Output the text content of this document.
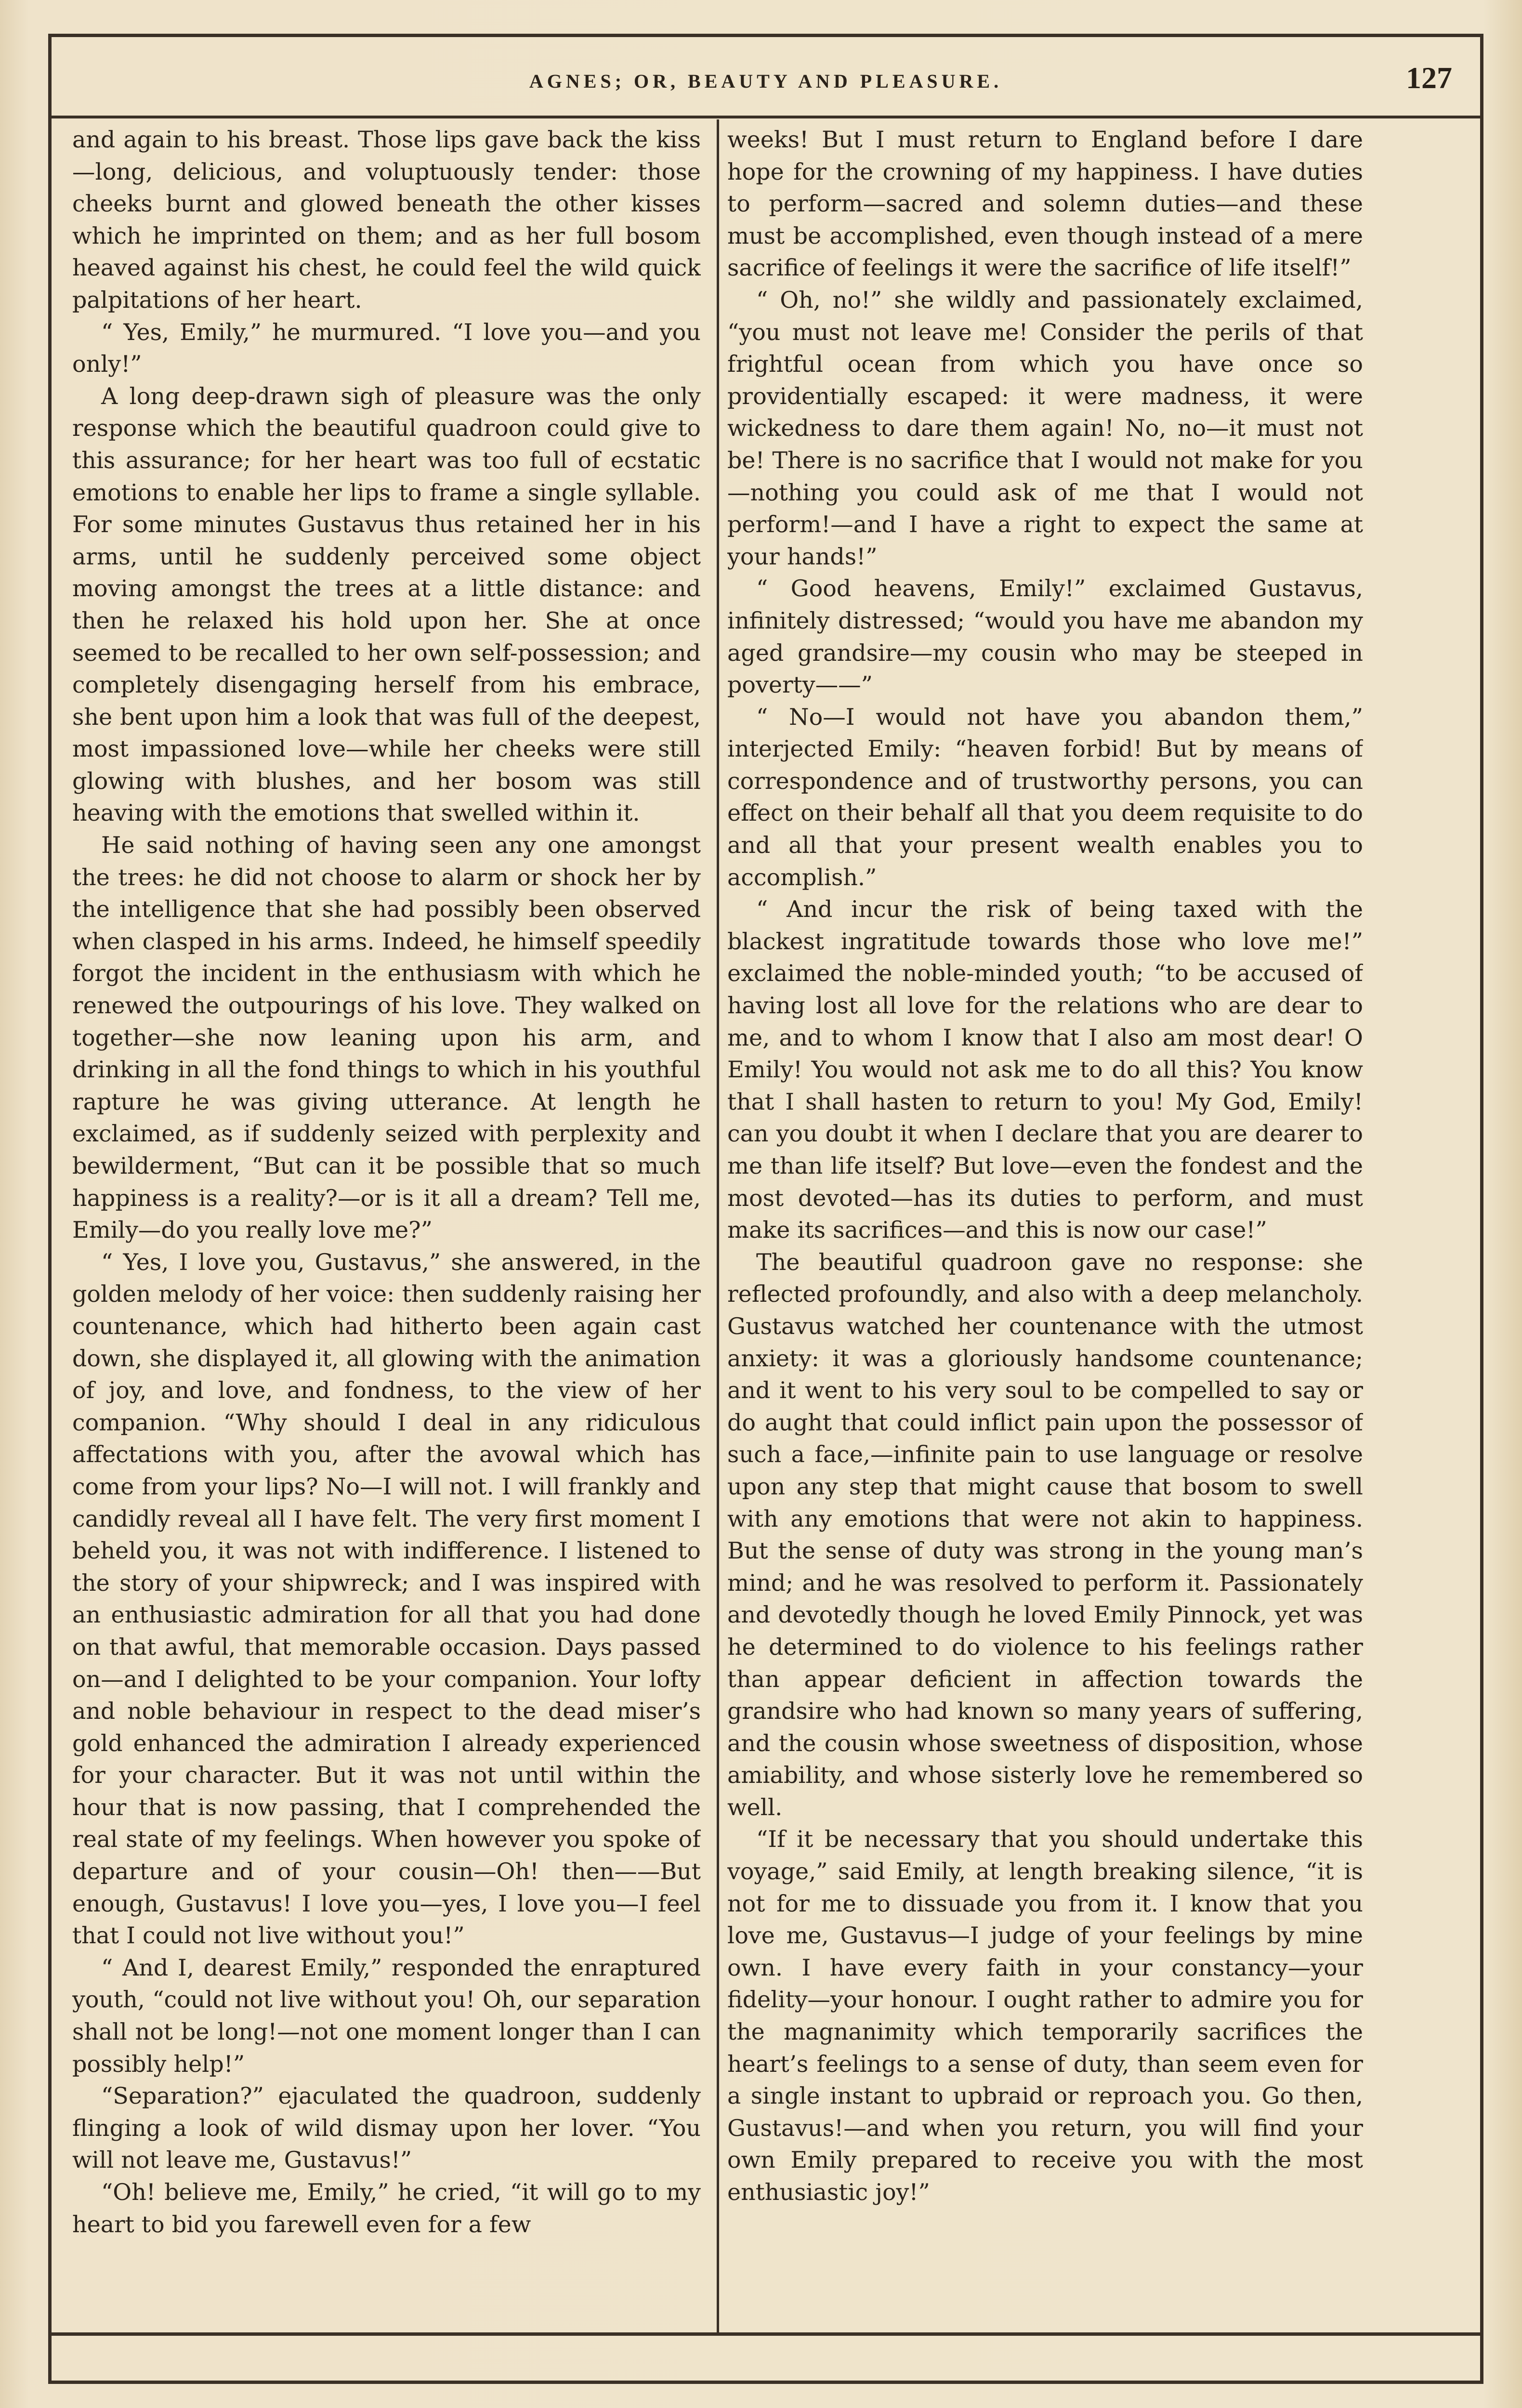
AGNES; OR, BEAUTY AND PLEASURE.	127

and again to his breast. Those lips gave back the kiss—long, delicious, and voluptuously tender: those cheeks burnt and glowed beneath the other kisses which he imprinted on them; and as her full bosom heaved against his chest, he could feel the wild quick palpitations of her heart.

“ Yes, Emily,” he murmured. “I love you—and you only!”

A long deep-drawn sigh of pleasure was the only response which the beautiful quadroon could give to this assurance; for her heart was too full of ecstatic emotions to enable her lips to frame a single syllable. For some minutes Gustavus thus retained her in his arms, until he suddenly perceived some object moving amongst the trees at a little distance: and then he relaxed his hold upon her. She at once seemed to be recalled to her own self-possession; and completely disengaging herself from his embrace, she bent upon him a look that was full of the deepest, most impassioned love—while her cheeks were still glowing with blushes, and her bosom was still heaving with the emotions that swelled within it.

He said nothing of having seen any one amongst the trees: he did not choose to alarm or shock her by the intelligence that she had possibly been observed when clasped in his arms. Indeed, he himself speedily forgot the incident in the enthusiasm with which he renewed the outpourings of his love. They walked on together—she now leaning upon his arm, and drinking in all the fond things to which in his youthful rapture he was giving utterance. At length he exclaimed, as if suddenly seized with perplexity and bewilderment, “But can it be possible that so much happiness is a reality?—or is it all a dream? Tell me, Emily—do you really love me?”

“ Yes, I love you, Gustavus,” she answered, in the golden melody of her voice: then suddenly raising her countenance, which had hitherto been again cast down, she displayed it, all glowing with the animation of joy, and love, and fondness, to the view of her companion. “Why should I deal in any ridiculous affectations with you, after the avowal which has come from your lips? No—I will not. I will frankly and candidly reveal all I have felt. The very first moment I beheld you, it was not with indifference. I listened to the story of your shipwreck; and I was inspired with an enthusiastic admiration for all that you had done on that awful, that memorable occasion. Days passed on—and I delighted to be your companion. Your lofty and noble behaviour in respect to the dead miser’s gold enhanced the admiration I already experienced for your character. But it was not until within the hour that is now passing, that I comprehended the real state of my feelings. When however you spoke of departure and of your cousin—Oh! then——But enough, Gustavus! I love you—yes, I love you—I feel that I could not live without you!”

“ And I, dearest Emily,” responded the enraptured youth, “could not live without you! Oh, our separation shall not be long!—not one moment longer than I can possibly help!”

“Separation?” ejaculated the quadroon, suddenly flinging a look of wild dismay upon her lover. “You will not leave me, Gustavus!”

“Oh! believe me, Emily,” he cried, “it will go to my heart to bid you farewell even for a few

weeks! But I must return to England before I dare hope for the crowning of my happiness. I have duties to perform—sacred and solemn duties—and these must be accomplished, even though instead of a mere sacrifice of feelings it were the sacrifice of life itself!”

“ Oh, no!” she wildly and passionately exclaimed, “you must not leave me! Consider the perils of that frightful ocean from which you have once so providentially escaped: it were madness, it were wickedness to dare them again! No, no—it must not be! There is no sacrifice that I would not make for you—nothing you could ask of me that I would not perform!—and I have a right to expect the same at your hands!”

“ Good heavens, Emily!” exclaimed Gustavus, infinitely distressed; “would you have me abandon my aged grandsire—my cousin who may be steeped in poverty——”

“ No—I would not have you abandon them,” interjected Emily: “heaven forbid! But by means of correspondence and of trustworthy persons, you can effect on their behalf all that you deem requisite to do and all that your present wealth enables you to accomplish.”

“ And incur the risk of being taxed with the blackest ingratitude towards those who love me!” exclaimed the noble-minded youth; “to be accused of having lost all love for the relations who are dear to me, and to whom I know that I also am most dear! O Emily! You would not ask me to do all this? You know that I shall hasten to return to you! My God, Emily! can you doubt it when I declare that you are dearer to me than life itself? But love—even the fondest and the most devoted—has its duties to perform, and must make its sacrifices—and this is now our case!”

The beautiful quadroon gave no response: she reflected profoundly, and also with a deep melancholy. Gustavus watched her countenance with the utmost anxiety: it was a gloriously handsome countenance; and it went to his very soul to be compelled to say or do aught that could inflict pain upon the possessor of such a face,—infinite pain to use language or resolve upon any step that might cause that bosom to swell with any emotions that were not akin to happiness. But the sense of duty was strong in the young man’s mind; and he was resolved to perform it. Passionately and devotedly though he loved Emily Pinnock, yet was he determined to do violence to his feelings rather than appear deficient in affection towards the grandsire who had known so many years of suffering, and the cousin whose sweetness of disposition, whose amiability, and whose sisterly love he remembered so well.

“If it be necessary that you should undertake this voyage,” said Emily, at length breaking silence, “it is not for me to dissuade you from it. I know that you love me, Gustavus—I judge of your feelings by mine own. I have every faith in your constancy—your fidelity—your honour. I ought rather to admire you for the magnanimity which temporarily sacrifices the heart’s feelings to a sense of duty, than seem even for a single instant to upbraid or reproach you. Go then, Gustavus!—and when you return, you will find your own Emily prepared to receive you with the most enthusiastic joy!”
